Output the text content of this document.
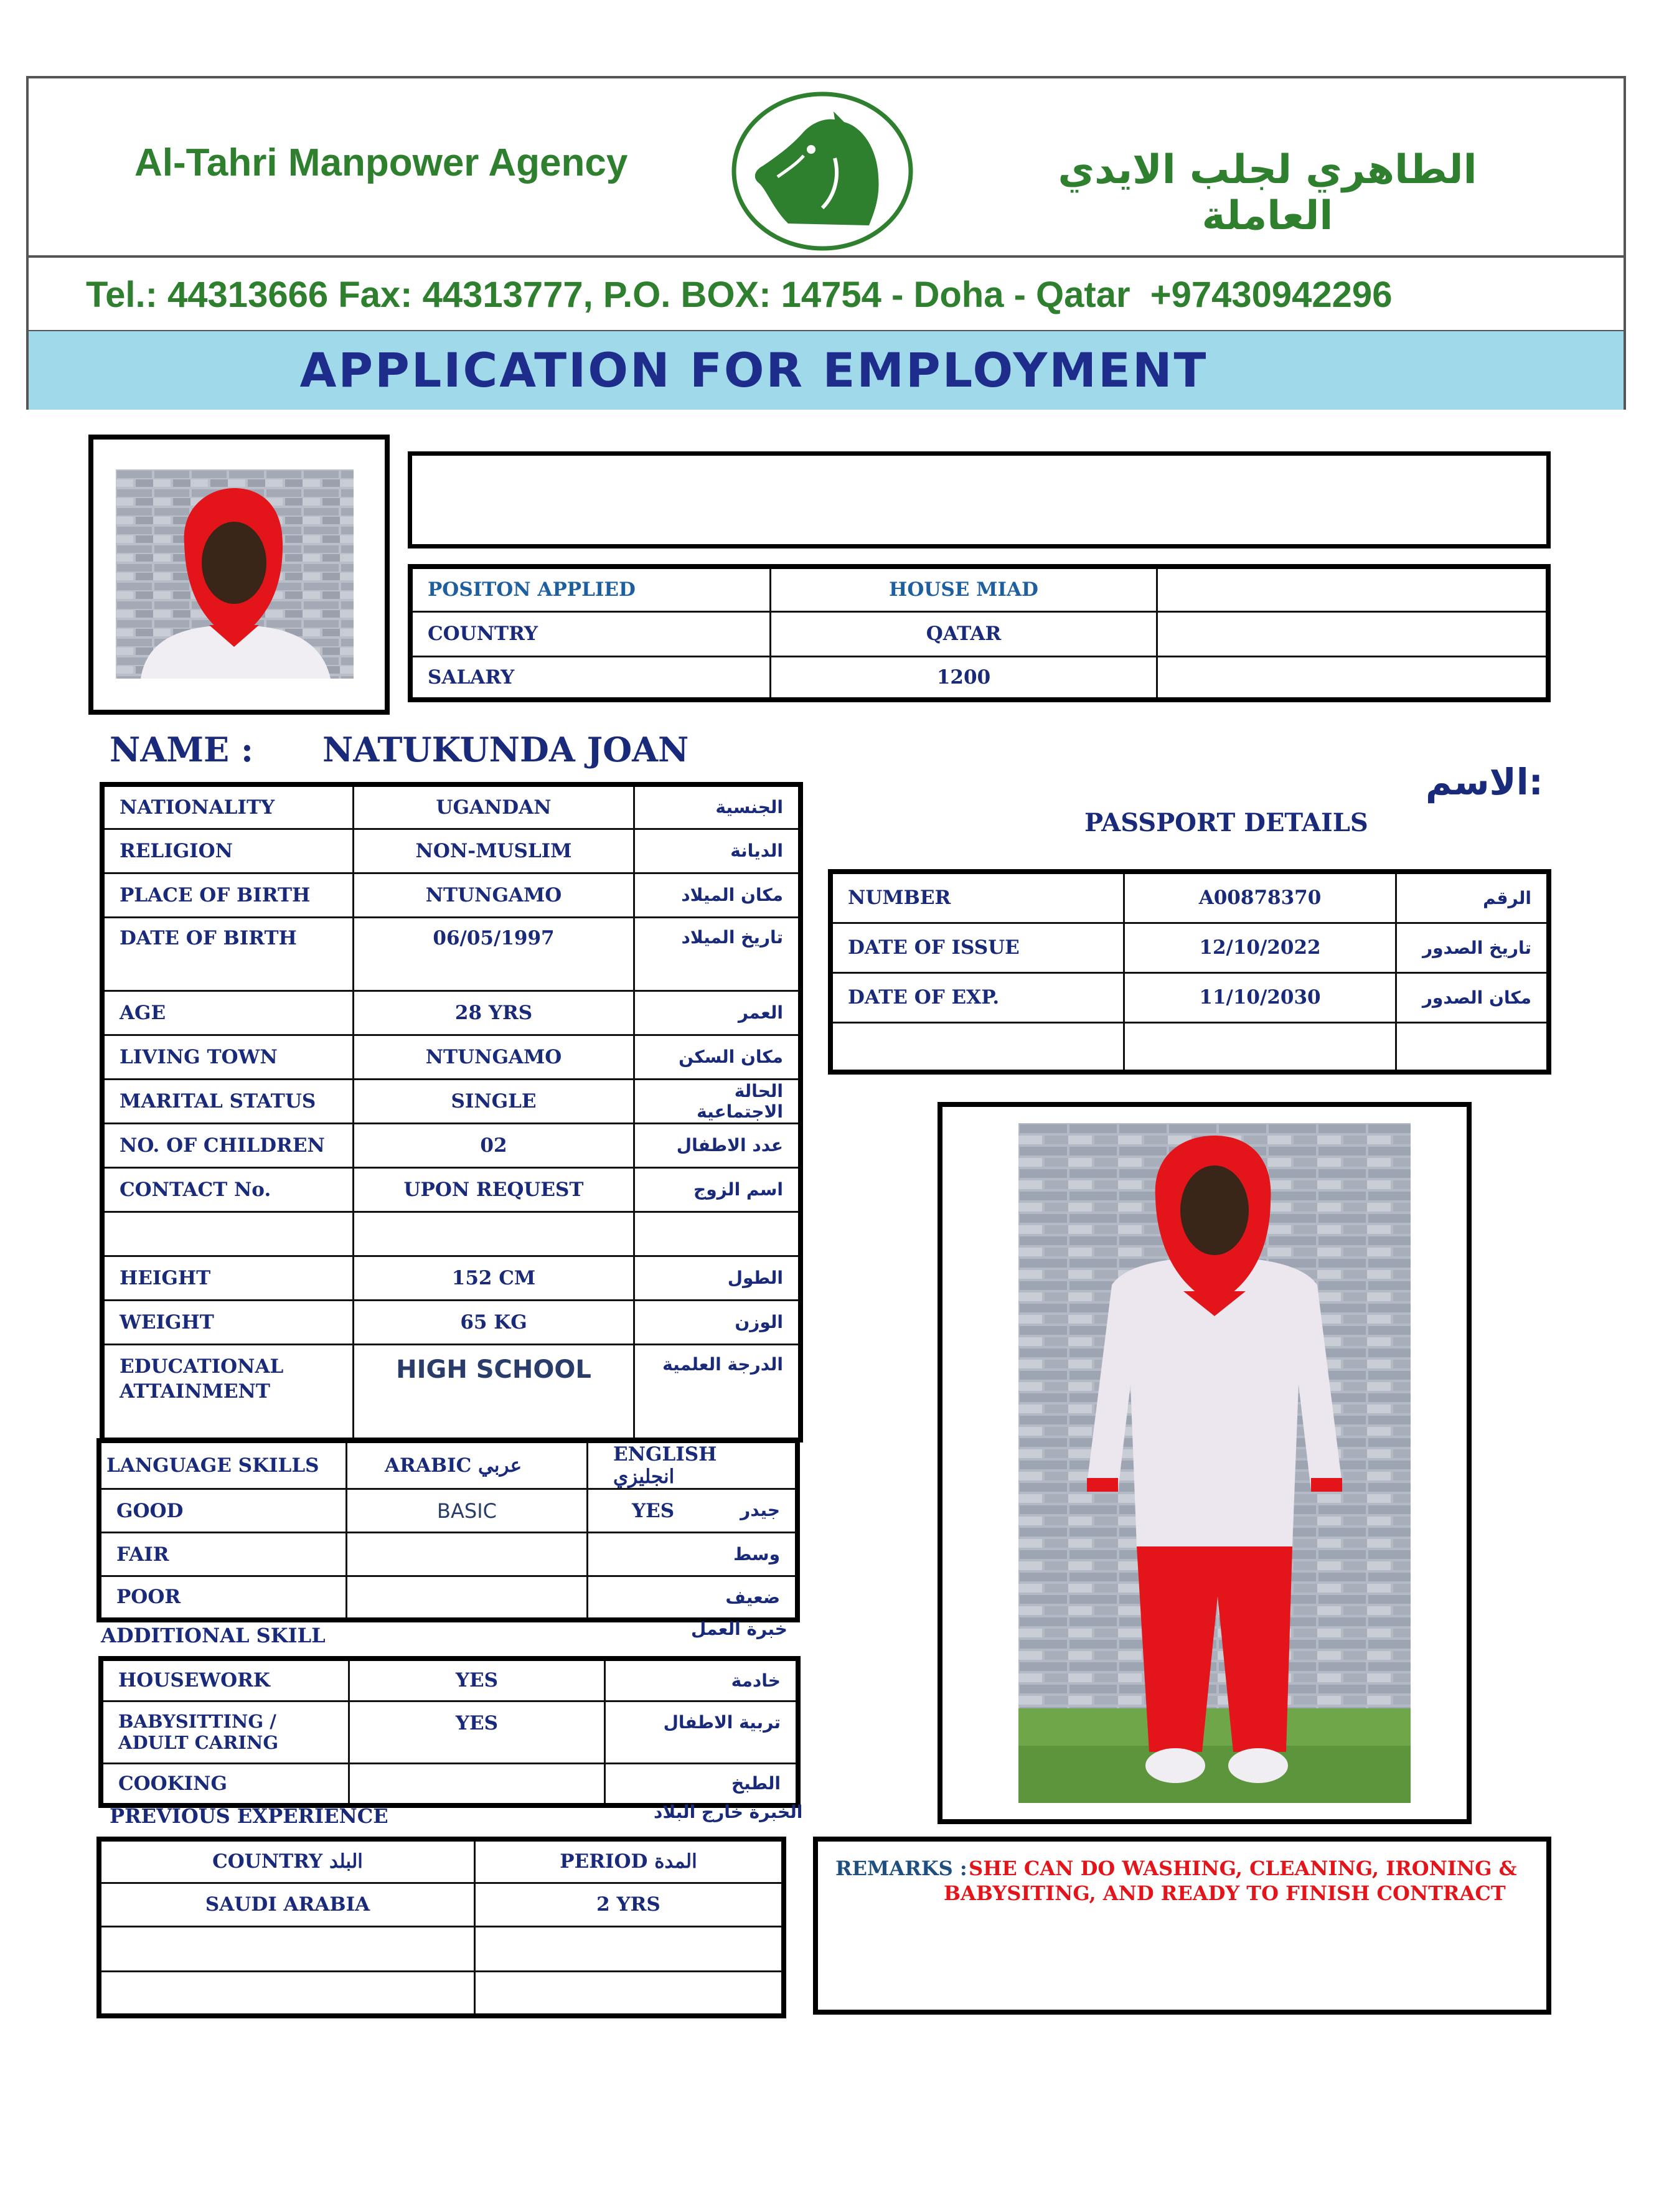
Al-Tahri Manpower Agency	الطاهري لجلب الايدي العاملة
Tel.: 44313666 Fax: 44313777, P.O. BOX: 14754 - Doha - Qatar  +97430942296
APPLICATION FOR EMPLOYMENT
POSITON APPLIED	HOUSE MIAD	
COUNTRY	QATAR	
SALARY	1200	
NAME : NATUKUNDA JOAN
الاسم:
NATIONALITY	UGANDAN	الجنسية
RELIGION	NON-MUSLIM	الديانة
PLACE OF BIRTH	NTUNGAMO	مكان الميلاد
DATE OF BIRTH	06/05/1997	تاريخ الميلاد
AGE	28 YRS	العمر
LIVING TOWN	NTUNGAMO	مكان السكن
MARITAL STATUS	SINGLE	الحالة الاجتماعية
NO. OF CHILDREN	02	عدد الاطفال
CONTACT No.	UPON REQUEST	اسم الزوج

HEIGHT	152 CM	الطول
WEIGHT	65 KG	الوزن
EDUCATIONAL ATTAINMENT	HIGH SCHOOL	الدرجة العلمية
PASSPORT DETAILS
NUMBER	A00878370	الرقم
DATE OF ISSUE	12/10/2022	تاريخ الصدور
DATE OF EXP.	11/10/2030	مكان الصدور

LANGUAGE SKILLS	ARABIC عربي	ENGLISH انجليزي
GOOD	BASIC	YES جيدر

FAIR		وسط
POOR		ضعيف
ADDITIONAL SKILL	خبرة العمل
HOUSEWORK	YES	خادمة
BABYSITTING / ADULT CARING	YES	تربية الاطفال
COOKING		الطبخ
PREVIOUS EXPERIENCE	الخبرة خارج البلاد
COUNTRY البلد	PERIOD المدة
SAUDI ARABIA	2 YRS

REMARKS : SHE CAN DO WASHING, CLEANING, IRONING &
BABYSITING, AND READY TO FINISH CONTRACT
